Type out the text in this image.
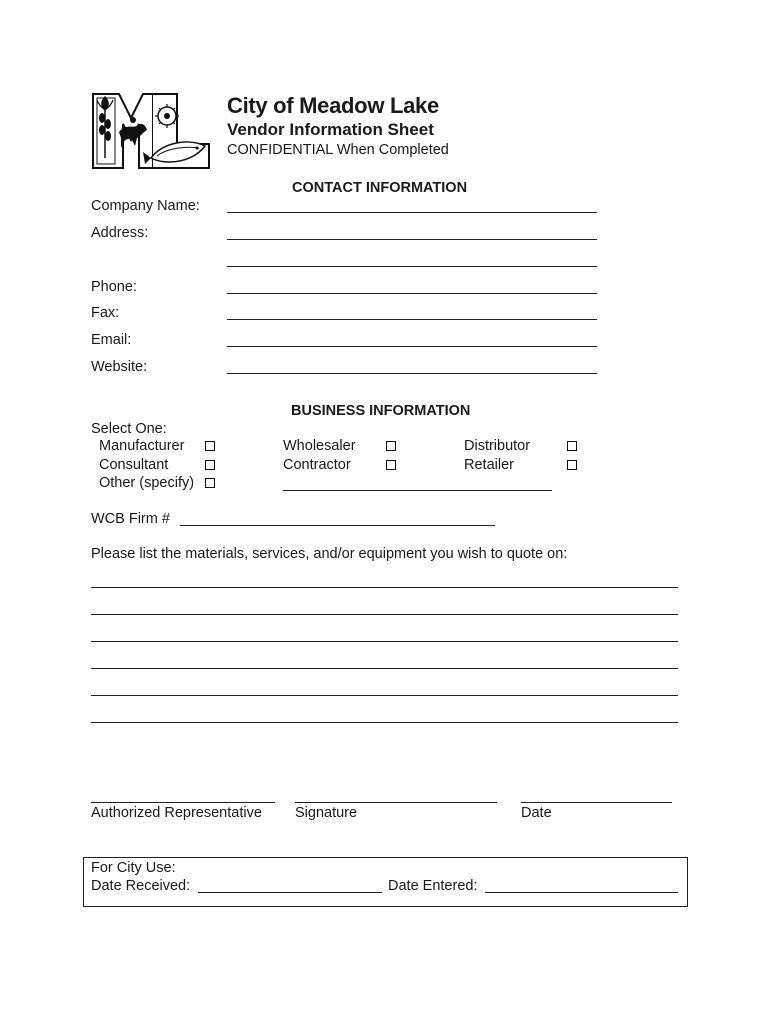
City of Meadow Lake
Vendor Information Sheet
CONFIDENTIAL When Completed
CONTACT INFORMATION
Company Name:
Address:
Phone:
Fax:
Email:
Website:
BUSINESS INFORMATION
Select One:
Manufacturer
Consultant
Other (specify)
Wholesaler
Contractor
Distributor
Retailer
WCB Firm #
Please list the materials, services, and/or equipment you wish to quote on:
Authorized Representative Signature	Date
For City Use:
Date Received:	Date Entered:
